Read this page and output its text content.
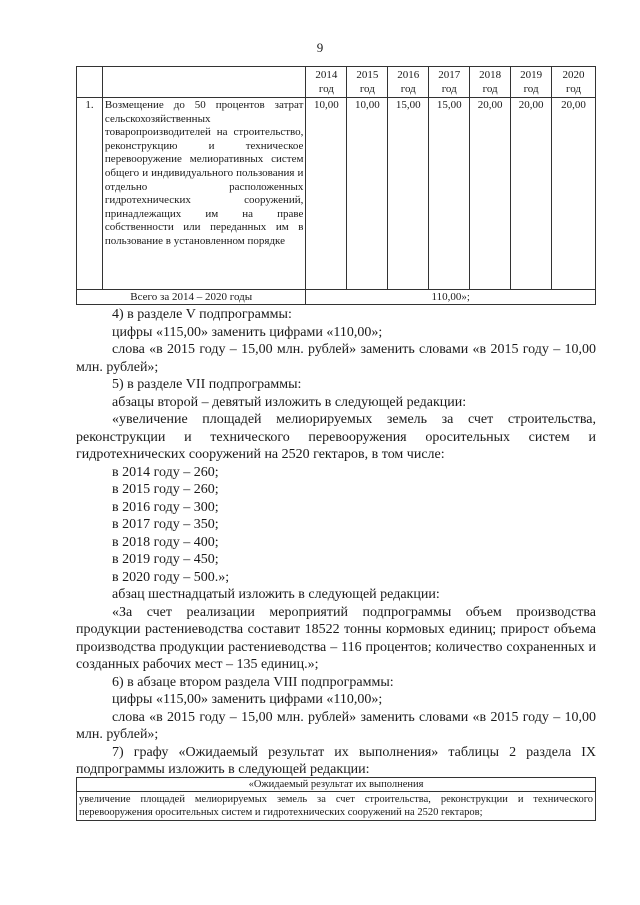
9
		2014 год	2015 год	2016 год	2017 год	2018 год	2019 год	2020 год
1.	Возмещение до 50 процентов затрат сельскохозяйственных товаропроизводителей на строительство, реконструкцию и техническое перевооружение мелиоративных систем общего и индивидуального пользования и отдельно расположенных гидротехнических сооружений, принадлежащих им на праве собственности или переданных им в пользование в установленном порядке	10,00	10,00	15,00	15,00	20,00	20,00	20,00
Всего за 2014 – 2020 годы		110,00»;						

4) в разделе V подпрограммы:

цифры «115,00» заменить цифрами «110,00»;

слова «в 2015 году – 15,00 млн. рублей» заменить словами «в 2015 году – 10,00 млн. рублей»;

5) в разделе VII подпрограммы:

абзацы второй – девятый изложить в следующей редакции:

«увеличение площадей мелиорируемых земель за счет строительства, реконструкции и технического перевооружения оросительных систем и гидротехнических сооружений на 2520 гектаров, в том числе:

в 2014 году – 260;

в 2015 году – 260;

в 2016 году – 300;

в 2017 году – 350;

в 2018 году – 400;

в 2019 году – 450;

в 2020 году – 500.»;

абзац шестнадцатый изложить в следующей редакции:

«За счет реализации мероприятий подпрограммы объем производства продукции растениеводства составит 18522 тонны кормовых единиц; прирост объема производства продукции растениеводства – 116 процентов; количество сохраненных и созданных рабочих мест – 135 единиц.»;

6) в абзаце втором раздела VIII подпрограммы:

цифры «115,00» заменить цифрами «110,00»;

слова «в 2015 году – 15,00 млн. рублей» заменить словами «в 2015 году – 10,00 млн. рублей»;

7) графу «Ожидаемый результат их выполнения» таблицы 2 раздела IX подпрограммы изложить в следующей редакции:

«Ожидаемый результат их выполнения
увеличение площадей мелиорируемых земель за счет строительства, реконструкции и технического перевооружения оросительных систем и гидротехнических сооружений на 2520 гектаров;
